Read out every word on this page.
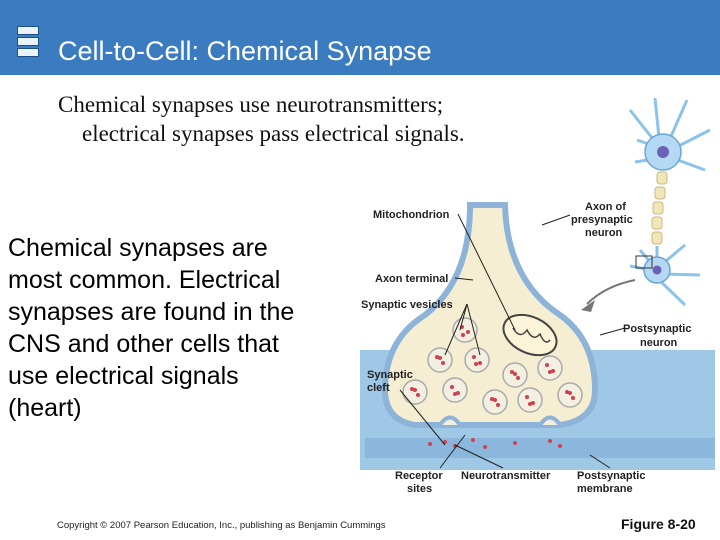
Cell-to-Cell: Chemical Synapse
Chemical synapses use neurotransmitters;
electrical synapses pass electrical signals.
Chemical synapses are most common. Electrical synapses are found in the CNS and other cells that use electrical signals (heart)
Mitochondrion
Axon terminal
Synaptic vesicles
Synaptic
cleft
Axon of
presynaptic
neuron
Postsynaptic
neuron
Receptor
sites
Neurotransmitter Postsynaptic
membrane
Copyright © 2007 Pearson Education, Inc., publishing as Benjamin Cummings	Figure 8-20
